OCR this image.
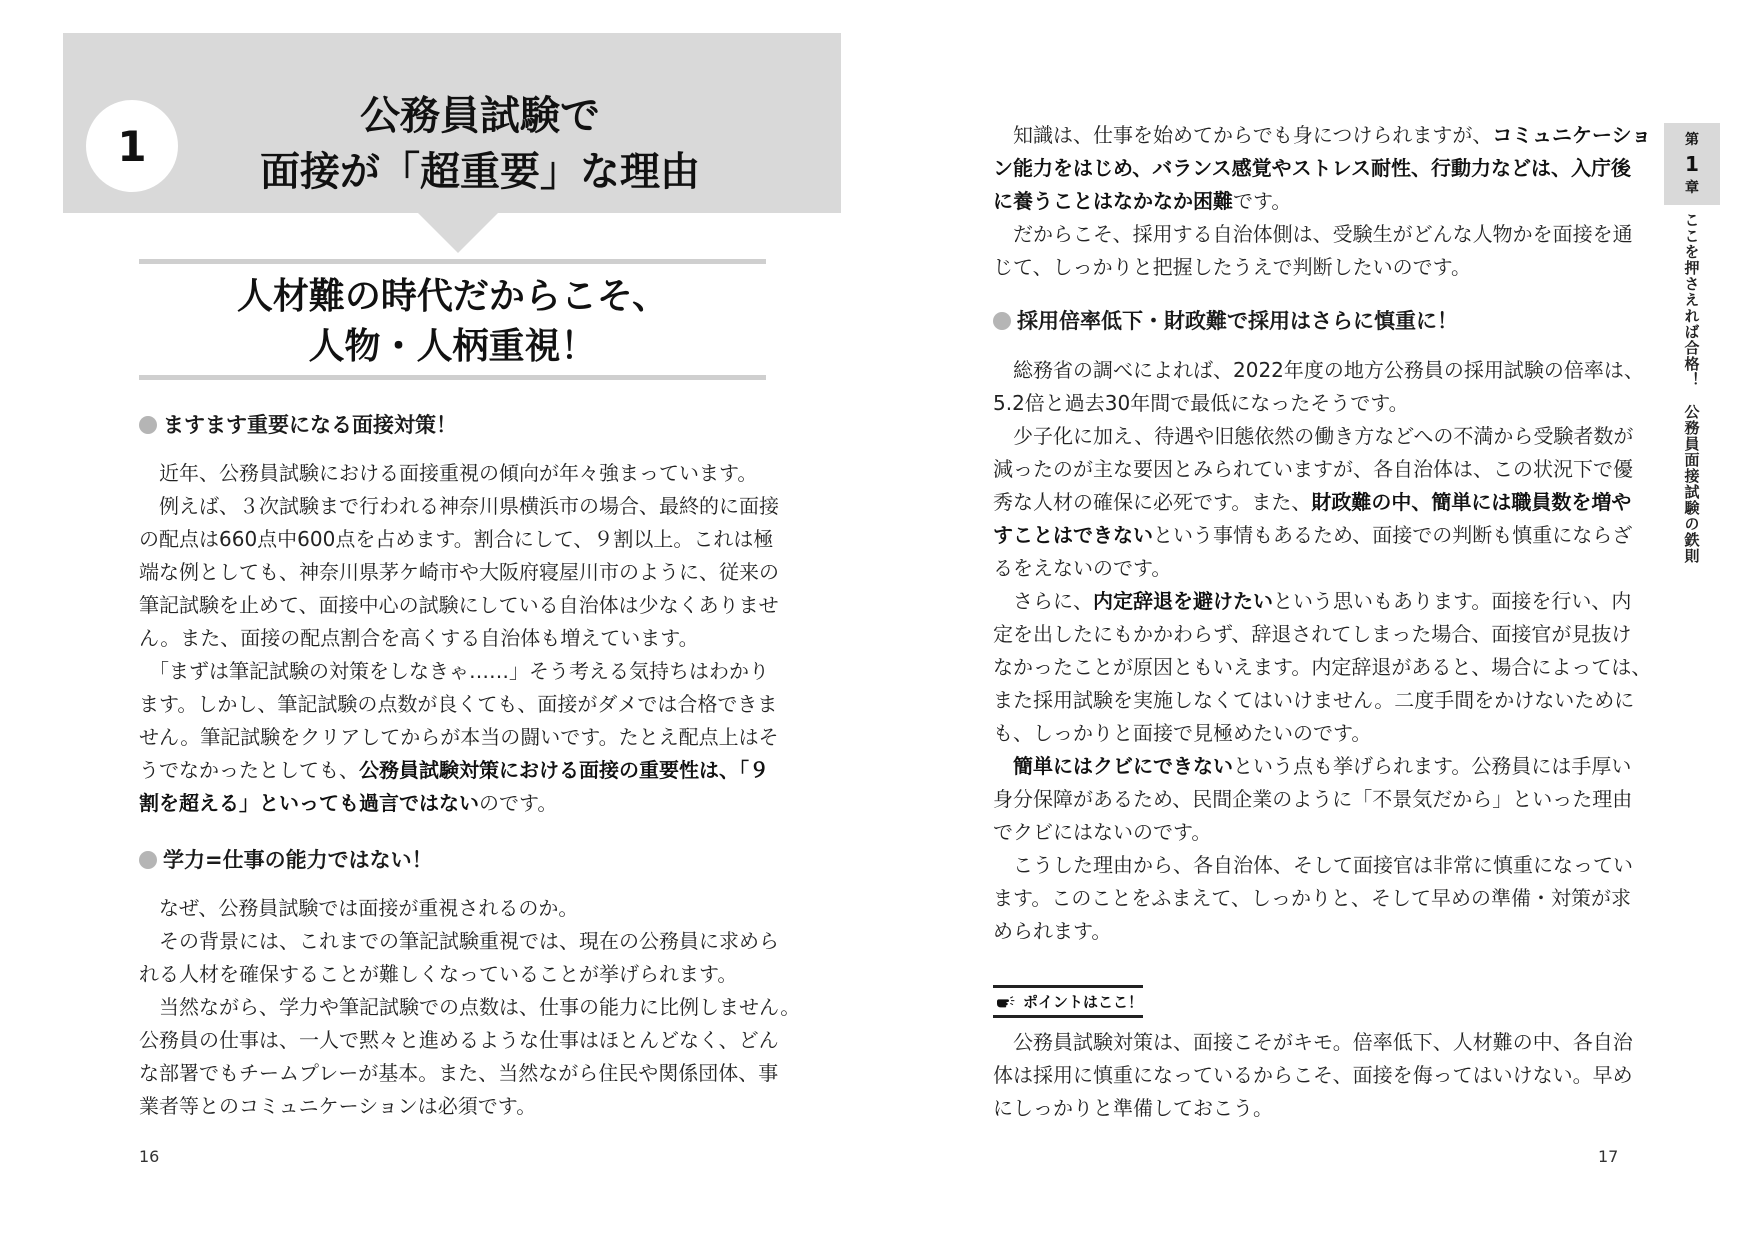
1
公務員試験で
面接が「超重要」な理由
人材難の時代だからこそ、
人物・人柄重視！
ますます重要になる面接対策！
近年、公務員試験における面接重視の傾向が年々強まっています。
例えば、３次試験まで行われる神奈川県横浜市の場合、最終的に面接
の配点は660点中600点を占めます。割合にして、９割以上。これは極
端な例としても、神奈川県茅ケ崎市や大阪府寝屋川市のように、従来の
筆記試験を止めて、面接中心の試験にしている自治体は少なくありませ
ん。また、面接の配点割合を高くする自治体も増えています。
「まずは筆記試験の対策をしなきゃ……」そう考える気持ちはわかり
ます。しかし、筆記試験の点数が良くても、面接がダメでは合格できま
せん。筆記試験をクリアしてからが本当の闘いです。たとえ配点上はそ
うでなかったとしても、公務員試験対策における面接の重要性は、「９
割を超える」といっても過言ではないのです。
学力=仕事の能力ではない！
なぜ、公務員試験では面接が重視されるのか。
その背景には、これまでの筆記試験重視では、現在の公務員に求めら
れる人材を確保することが難しくなっていることが挙げられます。
当然ながら、学力や筆記試験での点数は、仕事の能力に比例しません。
公務員の仕事は、一人で黙々と進めるような仕事はほとんどなく、どん
な部署でもチームプレーが基本。また、当然ながら住民や関係団体、事
業者等とのコミュニケーションは必須です。
16
知識は、仕事を始めてからでも身につけられますが、コミュニケーショ
ン能力をはじめ、バランス感覚やストレス耐性、行動力などは、入庁後
に養うことはなかなか困難です。
だからこそ、採用する自治体側は、受験生がどんな人物かを面接を通
じて、しっかりと把握したうえで判断したいのです。
採用倍率低下・財政難で採用はさらに慎重に！
総務省の調べによれば、2022年度の地方公務員の採用試験の倍率は、
5.2倍と過去30年間で最低になったそうです。
少子化に加え、待遇や旧態依然の働き方などへの不満から受験者数が
減ったのが主な要因とみられていますが、各自治体は、この状況下で優
秀な人材の確保に必死です。また、財政難の中、簡単には職員数を増や
すことはできないという事情もあるため、面接での判断も慎重にならざ
るをえないのです。
さらに、内定辞退を避けたいという思いもあります。面接を行い、内
定を出したにもかかわらず、辞退されてしまった場合、面接官が見抜け
なかったことが原因ともいえます。内定辞退があると、場合によっては、
また採用試験を実施しなくてはいけません。二度手間をかけないために
も、しっかりと面接で見極めたいのです。
簡単にはクビにできないという点も挙げられます。公務員には手厚い
身分保障があるため、民間企業のように「不景気だから」といった理由
でクビにはないのです。
こうした理由から、各自治体、そして面接官は非常に慎重になってい
ます。このことをふまえて、しっかりと、そして早めの準備・対策が求
められます。
ポイントはここ！
公務員試験対策は、面接こそがキモ。倍率低下、人材難の中、各自治
体は採用に慎重になっているからこそ、面接を侮ってはいけない。早め
にしっかりと準備しておこう。
17
第
1
章
ここを押さえれば合格！　公務員面接試験の鉄則
